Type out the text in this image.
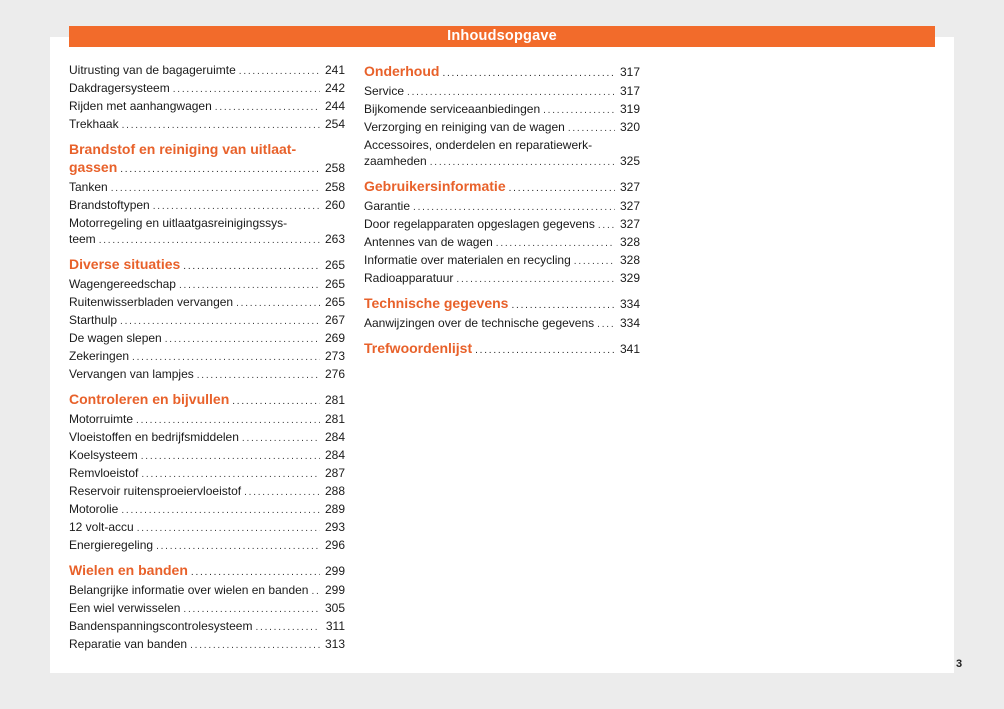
Inhoudsopgave
Uitrusting van de bagageruimte . . .	241
Dakdragersysteem . . .	242
Rijden met aanhangwagen . . .	244
Trekhaak . . .	254
Brandstof en reiniging van uitlaat-
gassen . . .	258
Tanken . . .	258
Brandstoftypen . . .	260
Motorregeling en uitlaatgasreinigingssys-
teem . . .	263
Diverse situaties . . .	265
Wagengereedschap . . .	265
Ruitenwisserbladen vervangen . . .	265
Starthulp . . .	267
De wagen slepen . . .	269
Zekeringen . . .	273
Vervangen van lampjes . . .	276
Controleren en bijvullen . . .	281
Motorruimte . . .	281
Vloeistoffen en bedrijfsmiddelen . . .	284
Koelsysteem . . .	284
Remvloeistof . . .	287
Reservoir ruitensproeiervloeistof . . .	288
Motorolie . . .	289
12 volt-accu . . .	293
Energieregeling . . .	296
Wielen en banden . . .	299
Belangrijke informatie over wielen en banden . . . 299
Een wiel verwisselen . . .	305
Bandenspanningscontrolesysteem . . .	311
Reparatie van banden . . .	313
Onderhoud . . .	317
Service . . .	317
Bijkomende serviceaanbiedingen . . .	319
Verzorging en reiniging van de wagen . . .	320
Accessoires, onderdelen en reparatiewerk-
zaamheden . . .	325
Gebruikersinformatie . . .	327
Garantie . . .	327
Door regelapparaten opgeslagen gegevens . . . 327
Antennes van de wagen . . .	328
Informatie over materialen en recycling . . .	328
Radioapparatuur . . .	329
Technische gegevens . . .	334
Aanwijzingen over de technische gegevens . . . 334
Trefwoordenlijst . . .	341
3
